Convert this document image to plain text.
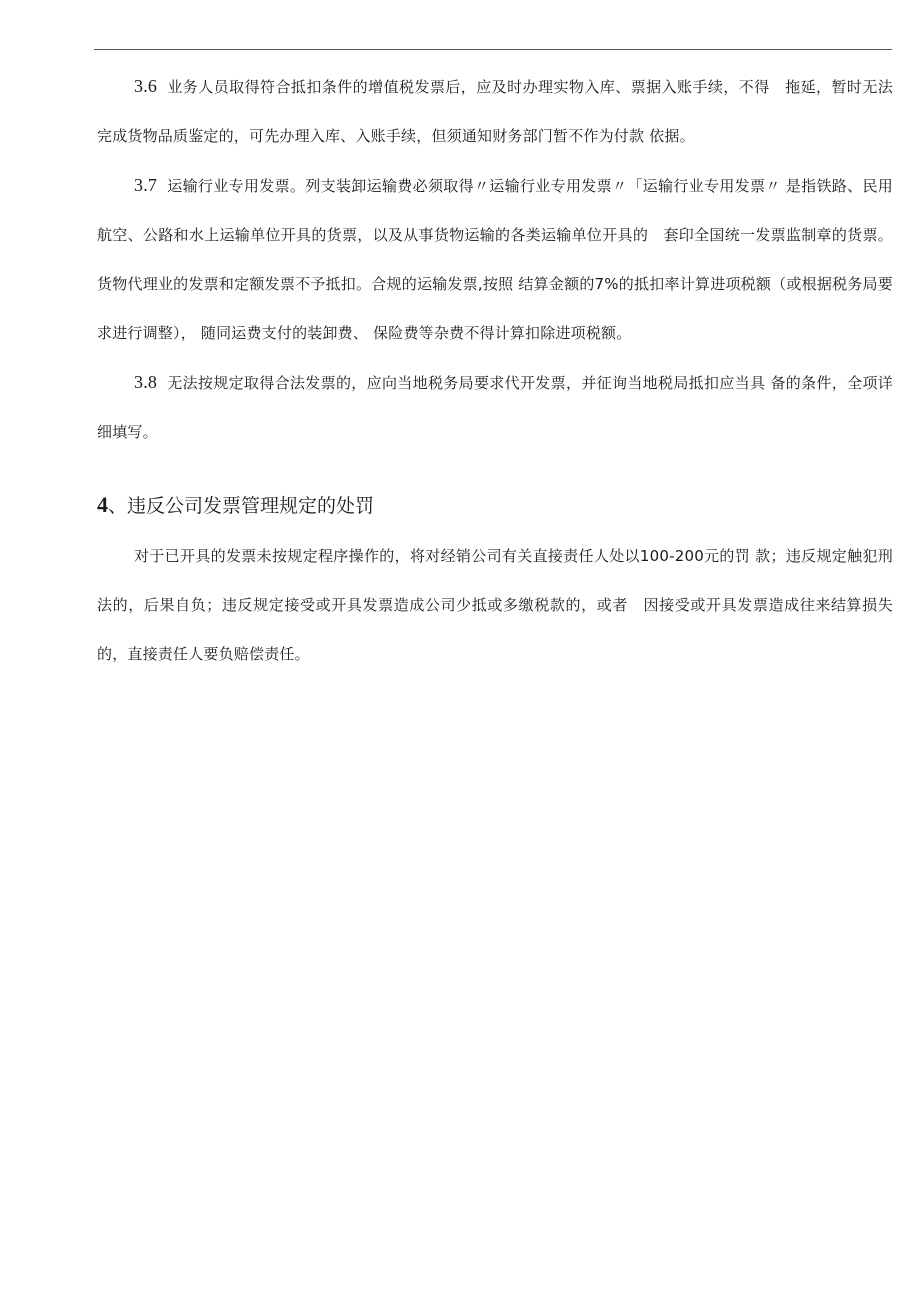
3.6 业务人员取得符合抵扣条件的增值税发票后，应及时办理实物入库、票据入账手续，不得　拖延，暂时无法完成货物品质鉴定的，可先办理入库、入账手续，但须通知财务部门暂不作为付款 依据。

3.7 运输行业专用发票。列支装卸运输费必须取得〃运输行业专用发票〃「运输行业专用发票〃 是指铁路、民用航空、公路和水上运输单位开具的货票，以及从事货物运输的各类运输单位开具的　套印全国统一发票监制章的货票。货物代理业的发票和定额发票不予抵扣。合规的运输发票,按照 结算金额的7%的抵扣率计算进项税额（或根据税务局要求进行调整）， 随同运费支付的装卸费、 保险费等杂费不得计算扣除进项税额。

3.8 无法按规定取得合法发票的，应向当地税务局要求代开发票，并征询当地税局抵扣应当具 备的条件，全项详细填写。

4、违反公司发票管理规定的处罚

对于已开具的发票未按规定程序操作的，将对经销公司有关直接责任人处以100-200元的罚 款；违反规定触犯刑法的，后果自负；违反规定接受或开具发票造成公司少抵或多缴税款的，或者　因接受或开具发票造成往来结算损失的，直接责任人要负赔偿责任。
